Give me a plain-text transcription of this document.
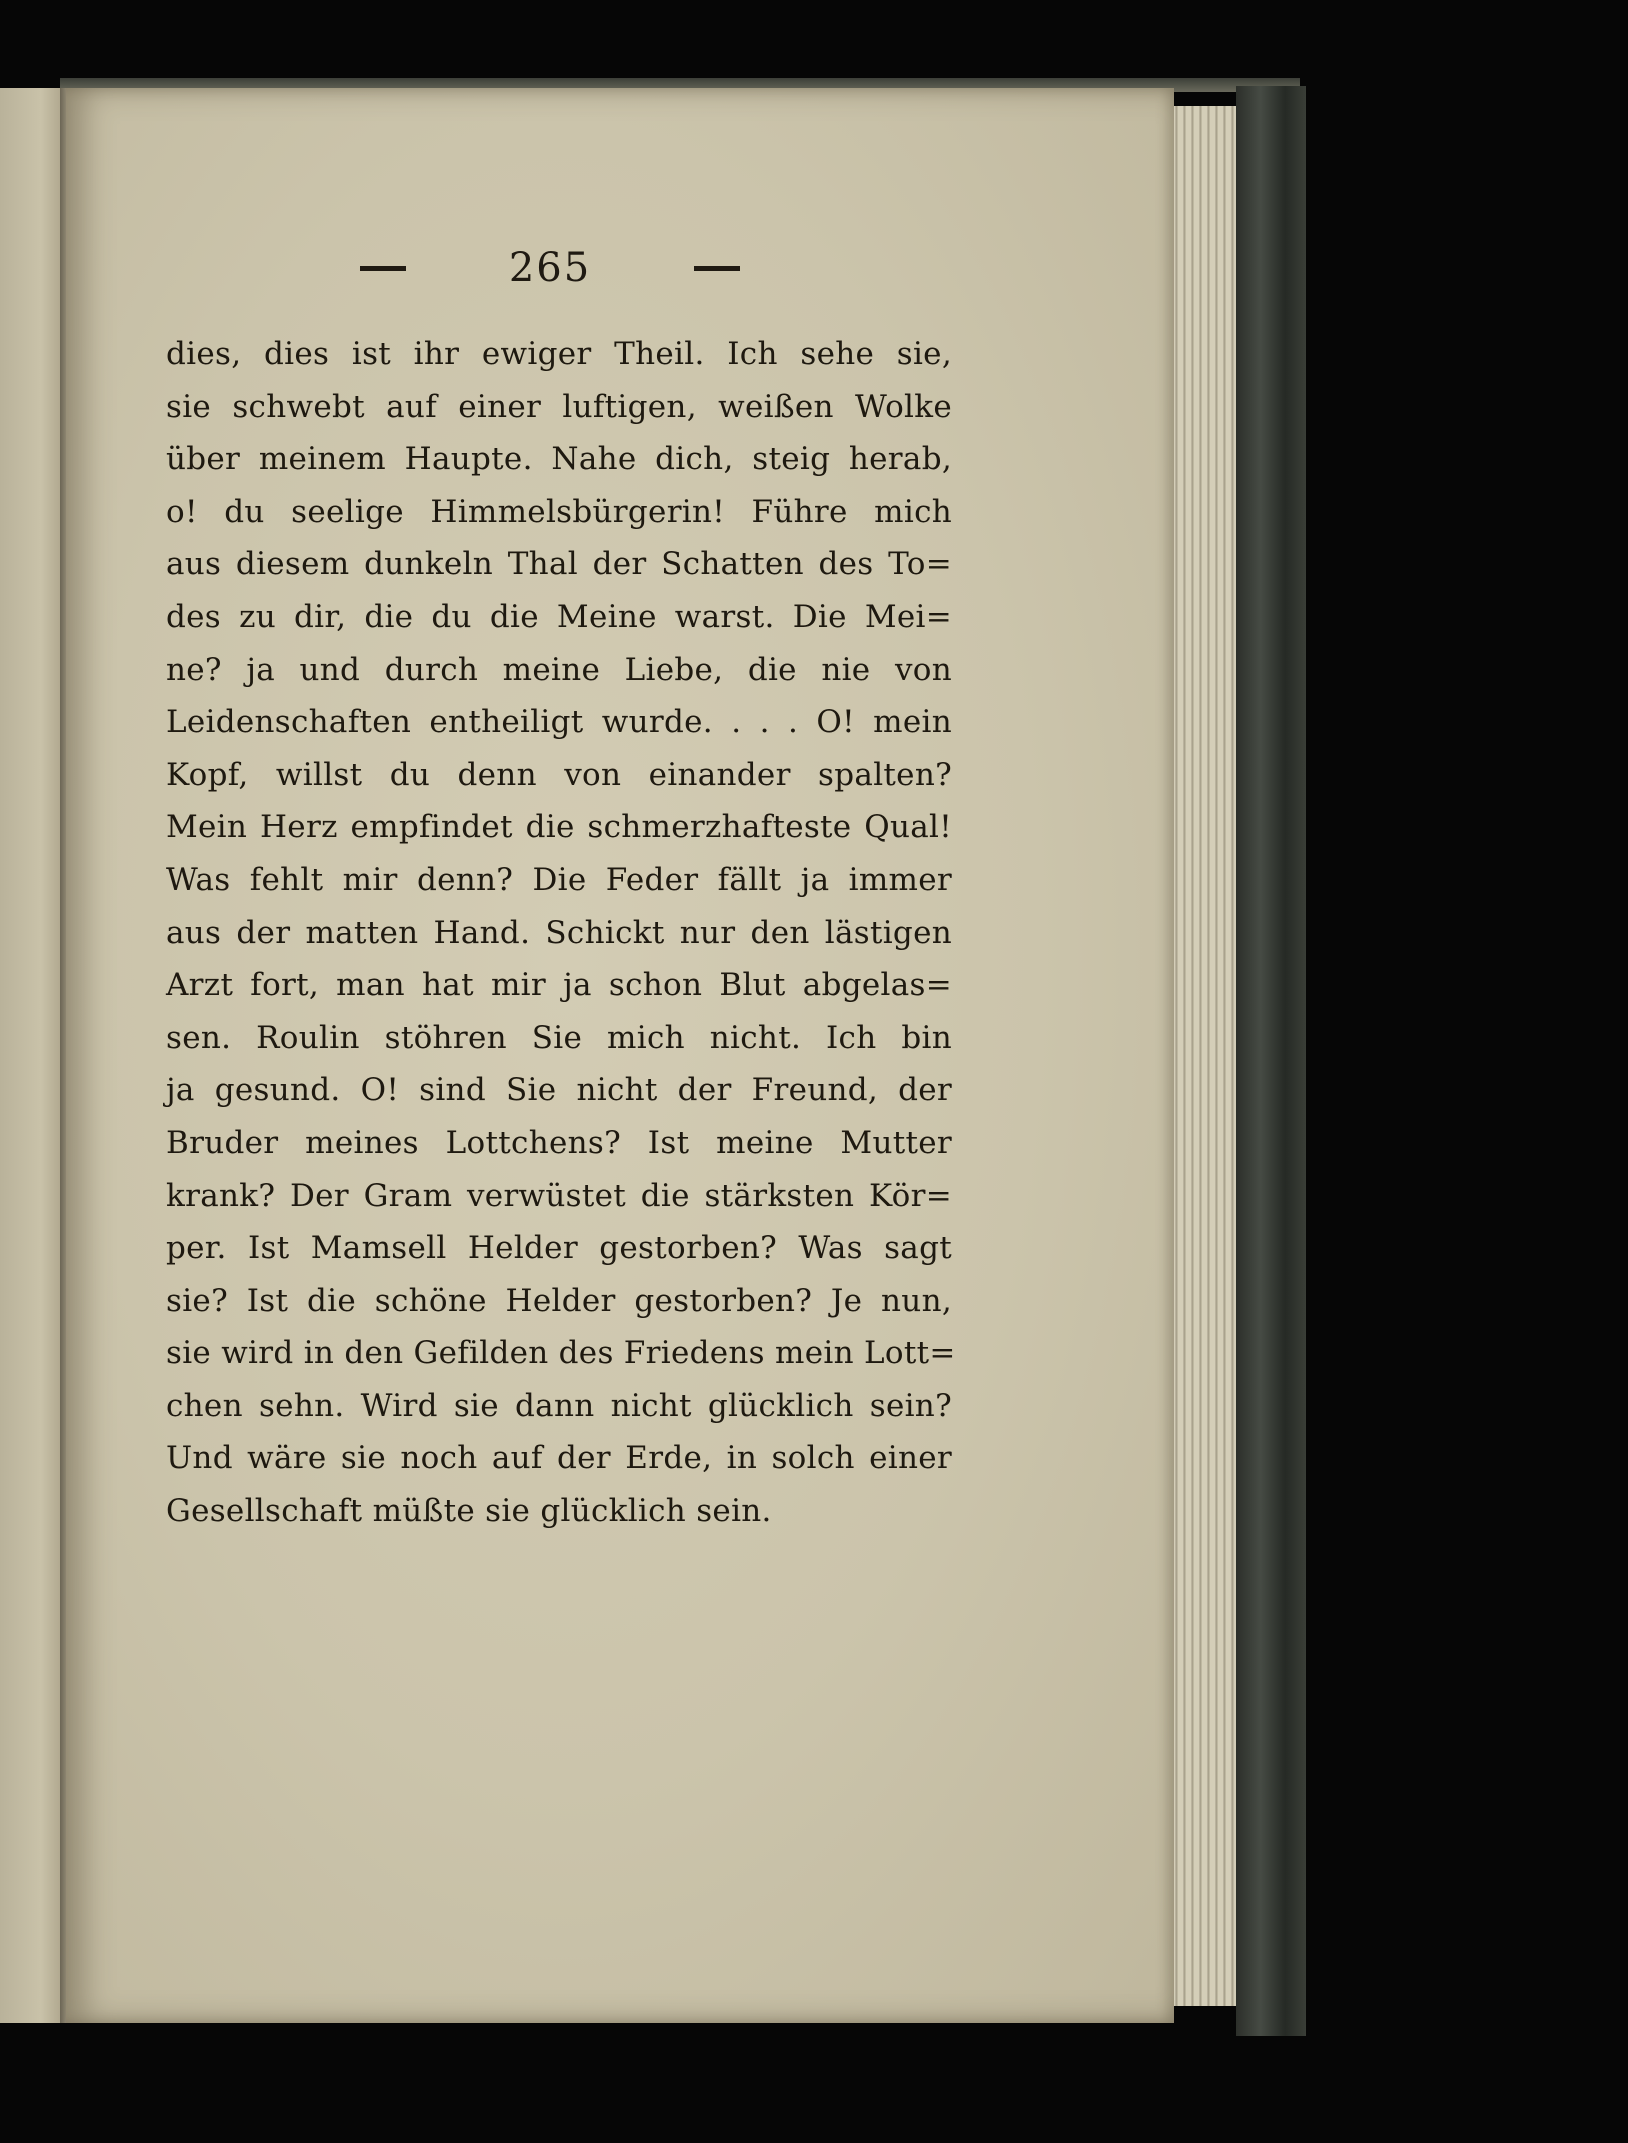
265
dies, dies ist ihr ewiger Theil. Ich sehe sie,
sie schwebt auf einer luftigen, weißen Wolke
über meinem Haupte. Nahe dich, steig herab,
o! du seelige Himmelsbürgerin! Führe mich
aus diesem dunkeln Thal der Schatten des To=
des zu dir, die du die Meine warst. Die Mei=
ne? ja und durch meine Liebe, die nie von
Leidenschaften entheiligt wurde. . . . O! mein
Kopf, willst du denn von einander spalten?
Mein Herz empfindet die schmerzhafteste Qual!
Was fehlt mir denn? Die Feder fällt ja immer
aus der matten Hand. Schickt nur den lästigen
Arzt fort, man hat mir ja schon Blut abgelas=
sen. Roulin stöhren Sie mich nicht. Ich bin
ja gesund. O! sind Sie nicht der Freund, der
Bruder meines Lottchens? Ist meine Mutter
krank? Der Gram verwüstet die stärksten Kör=
per. Ist Mamsell Helder gestorben? Was sagt
sie? Ist die schöne Helder gestorben? Je nun,
sie wird in den Gefilden des Friedens mein Lott=
chen sehn. Wird sie dann nicht glücklich sein?
Und wäre sie noch auf der Erde, in solch einer
Gesellschaft müßte sie glücklich sein.
